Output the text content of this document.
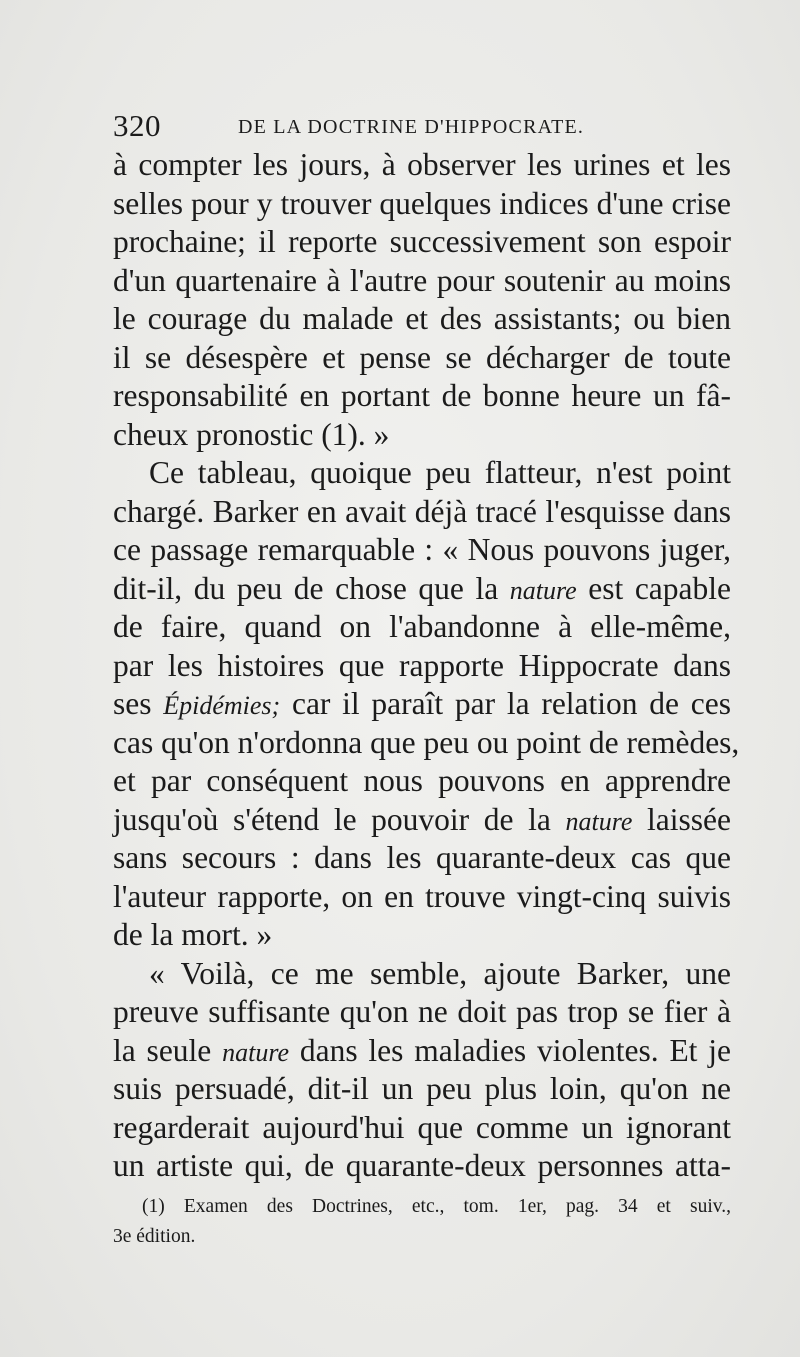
320	DE LA DOCTRINE D'HIPPOCRATE.
à compter les jours, à observer les urines et les
selles pour y trouver quelques indices d'une crise
prochaine; il reporte successivement son espoir
d'un quartenaire à l'autre pour soutenir au moins
le courage du malade et des assistants; ou bien
il se désespère et pense se décharger de toute
responsabilité en portant de bonne heure un fâ-
cheux pronostic (1). »
Ce tableau, quoique peu flatteur, n'est point
chargé. Barker en avait déjà tracé l'esquisse dans
ce passage remarquable : « Nous pouvons juger,
dit-il, du peu de chose que la nature est capable
de faire, quand on l'abandonne à elle-même,
par les histoires que rapporte Hippocrate dans
ses Épidémies; car il paraît par la relation de ces
cas qu'on n'ordonna que peu ou point de remèdes,
et par conséquent nous pouvons en apprendre
jusqu'où s'étend le pouvoir de la nature laissée
sans secours : dans les quarante-deux cas que
l'auteur rapporte, on en trouve vingt-cinq suivis
de la mort. »
« Voilà, ce me semble, ajoute Barker, une
preuve suffisante qu'on ne doit pas trop se fier à
la seule nature dans les maladies violentes. Et je
suis persuadé, dit-il un peu plus loin, qu'on ne
regarderait aujourd'hui que comme un ignorant
un artiste qui, de quarante-deux personnes atta-
(1) Examen des Doctrines, etc., tom. 1er, pag. 34 et suiv.,
3e édition.
